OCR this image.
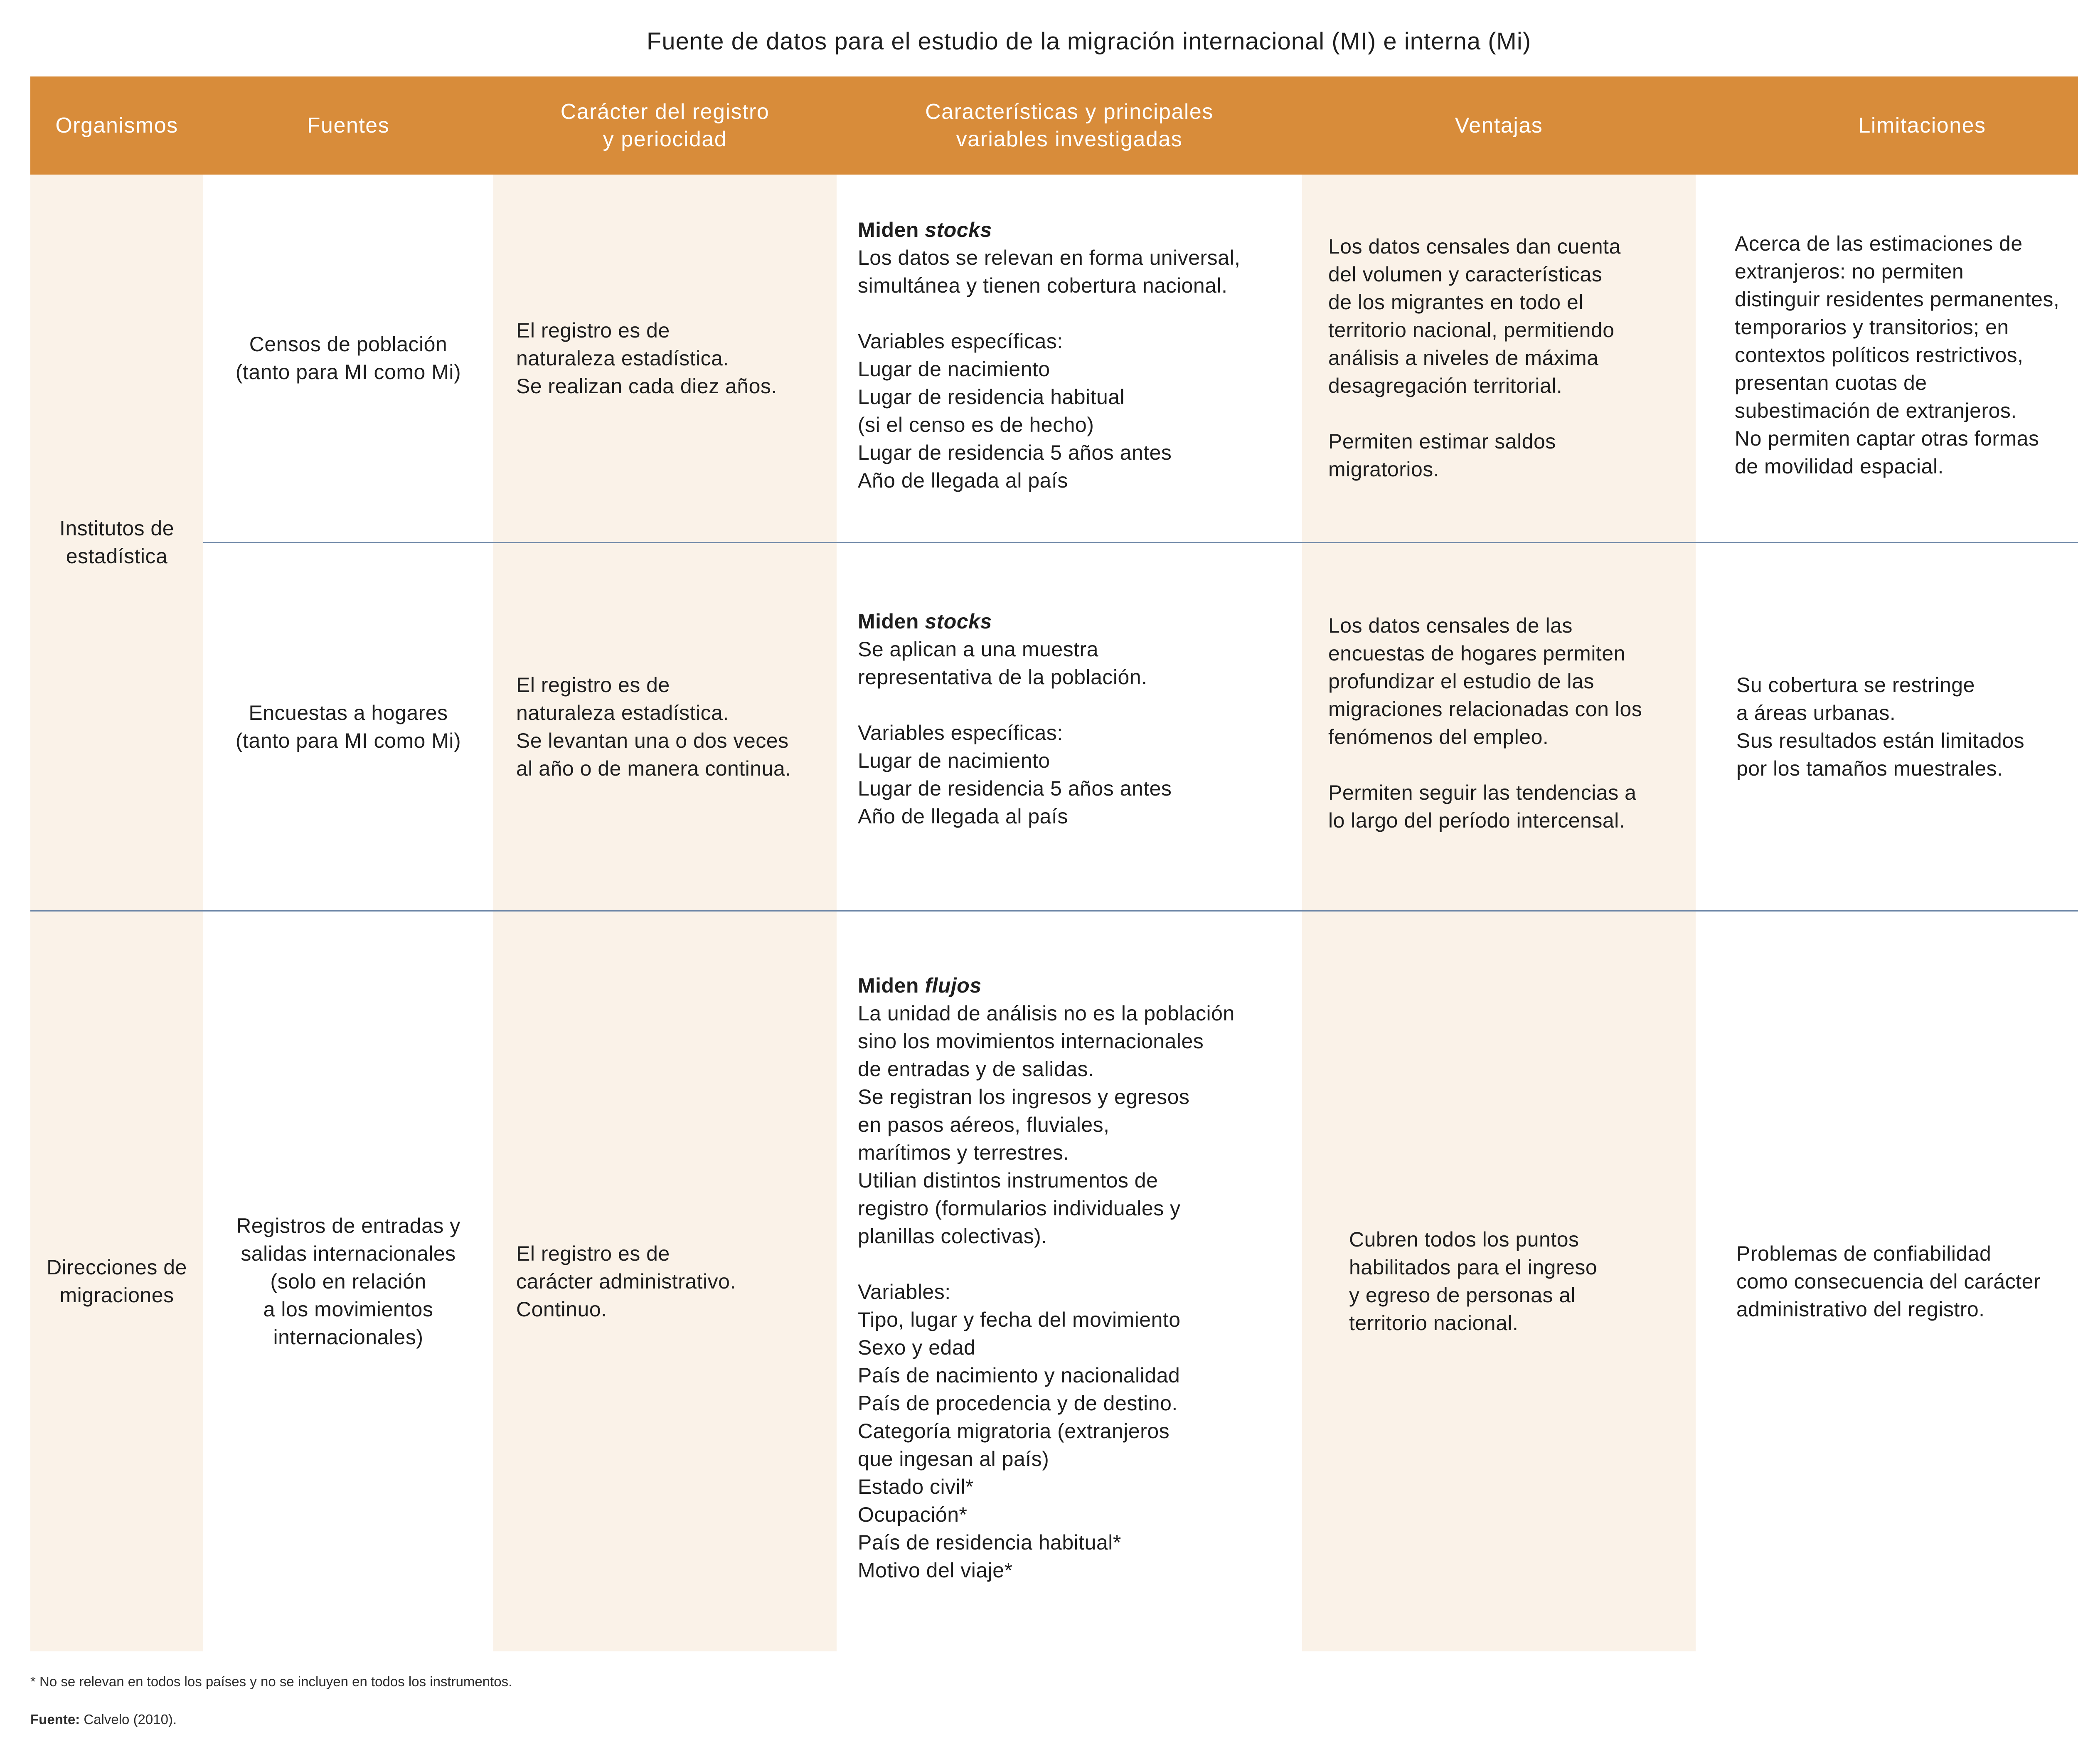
Fuente de datos para el estudio de la migración internacional (MI) e interna (Mi)
Organismos	Fuentes
Carácter del registro
y periocidad
Características y principales
variables investigadas
Ventajas	Limitaciones
Institutos de
estadística
Direcciones de
migraciones
Censos de población
(tanto para MI como Mi)
El registro es de
naturaleza estadística.
Se realizan cada diez años.
Miden stocks
Los datos se relevan en forma universal,
simultánea y tienen cobertura nacional.

Variables específicas:
Lugar de nacimiento
Lugar de residencia habitual
(si el censo es de hecho)
Lugar de residencia 5 años antes
Año de llegada al país
Los datos censales dan cuenta
del volumen y características
de los migrantes en todo el
territorio nacional, permitiendo
análisis a niveles de máxima
desagregación territorial.

Permiten estimar saldos
migratorios.
Acerca de las estimaciones de
extranjeros: no permiten
distinguir residentes permanentes,
temporarios y transitorios; en
contextos políticos restrictivos,
presentan cuotas de
subestimación de extranjeros.
No permiten captar otras formas
de movilidad espacial.
Encuestas a hogares
(tanto para MI como Mi)
El registro es de
naturaleza estadística.
Se levantan una o dos veces
al año o de manera continua.
Miden stocks
Se aplican a una muestra
representativa de la población.

Variables específicas:
Lugar de nacimiento
Lugar de residencia 5 años antes
Año de llegada al país
Los datos censales de las
encuestas de hogares permiten
profundizar el estudio de las
migraciones relacionadas con los
fenómenos del empleo.

Permiten seguir las tendencias a
lo largo del período intercensal.
Su cobertura se restringe
a áreas urbanas.
Sus resultados están limitados
por los tamaños muestrales.
Registros de entradas y
salidas internacionales
(solo en relación
a los movimientos
internacionales)
El registro es de
carácter administrativo.
Continuo.
Miden flujos
La unidad de análisis no es la población
sino los movimientos internacionales
de entradas y de salidas.
Se registran los ingresos y egresos
en pasos aéreos, fluviales,
marítimos y terrestres.
Utilian distintos instrumentos de
registro (formularios individuales y
planillas colectivas).

Variables:
Tipo, lugar y fecha del movimiento
Sexo y edad
País de nacimiento y nacionalidad
País de procedencia y de destino.
Categoría migratoria (extranjeros
que ingesan al país)
Estado civil*
Ocupación*
País de residencia habitual*
Motivo del viaje*
Cubren todos los puntos
habilitados para el ingreso
y egreso de personas al
territorio nacional.
Problemas de confiabilidad
como consecuencia del carácter
administrativo del registro.
* No se relevan en todos los países y no se incluyen en todos los instrumentos.
Fuente: Calvelo (2010).
